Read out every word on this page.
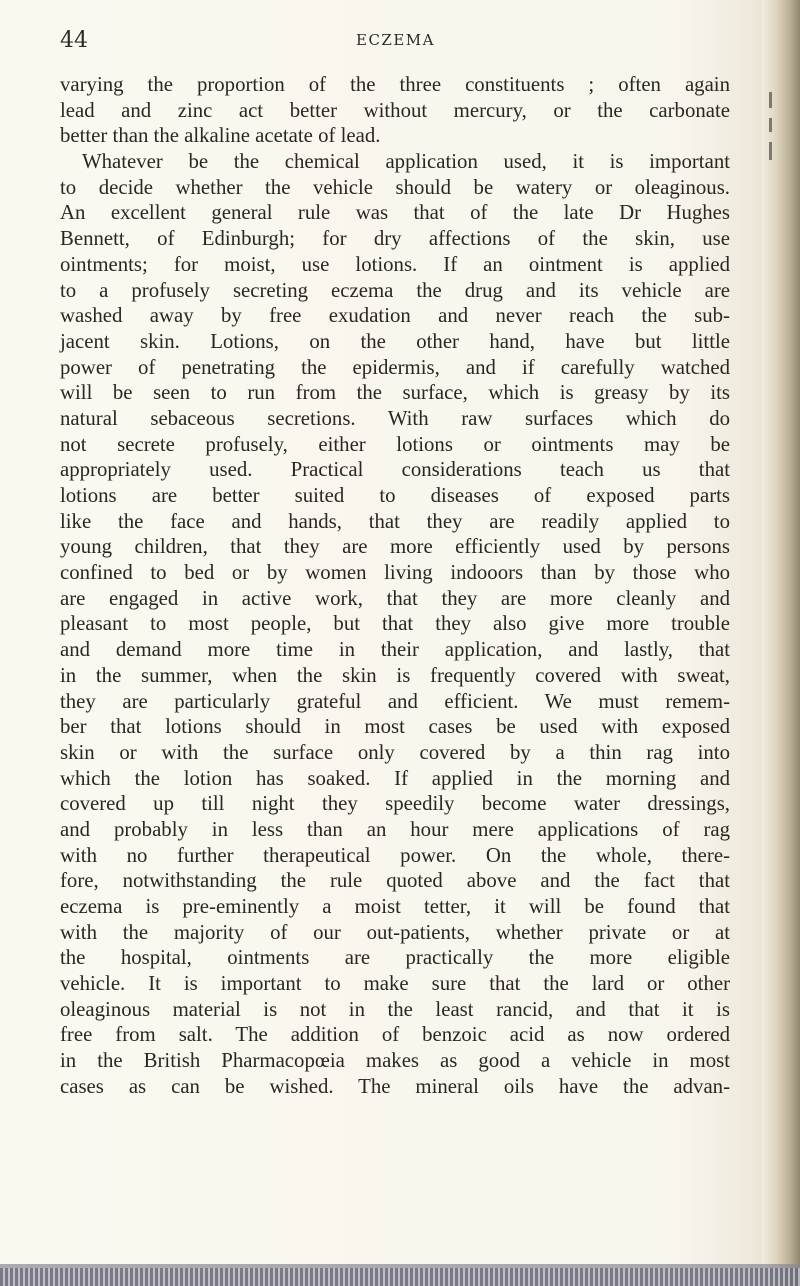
44	ECZEMA
varying the proportion of the three constituents ; often again
lead and zinc act better without mercury, or the carbonate
better than the alkaline acetate of lead.
Whatever be the chemical application used, it is important
to decide whether the vehicle should be watery or oleaginous.
An excellent general rule was that of the late Dr Hughes
Bennett, of Edinburgh; for dry affections of the skin, use
ointments; for moist, use lotions. If an ointment is applied
to a profusely secreting eczema the drug and its vehicle are
washed away by free exudation and never reach the sub-
jacent skin. Lotions, on the other hand, have but little
power of penetrating the epidermis, and if carefully watched
will be seen to run from the surface, which is greasy by its
natural sebaceous secretions. With raw surfaces which do
not secrete profusely, either lotions or ointments may be
appropriately used. Practical considerations teach us that
lotions are better suited to diseases of exposed parts
like the face and hands, that they are readily applied to
young children, that they are more efficiently used by persons
confined to bed or by women living indooors than by those who
are engaged in active work, that they are more cleanly and
pleasant to most people, but that they also give more trouble
and demand more time in their application, and lastly, that
in the summer, when the skin is frequently covered with sweat,
they are particularly grateful and efficient. We must remem-
ber that lotions should in most cases be used with exposed
skin or with the surface only covered by a thin rag into
which the lotion has soaked. If applied in the morning and
covered up till night they speedily become water dressings,
and probably in less than an hour mere applications of rag
with no further therapeutical power. On the whole, there-
fore, notwithstanding the rule quoted above and the fact that
eczema is pre-eminently a moist tetter, it will be found that
with the majority of our out-patients, whether private or at
the hospital, ointments are practically the more eligible
vehicle. It is important to make sure that the lard or other
oleaginous material is not in the least rancid, and that it is
free from salt. The addition of benzoic acid as now ordered
in the British Pharmacopœia makes as good a vehicle in most
cases as can be wished. The mineral oils have the advan-
